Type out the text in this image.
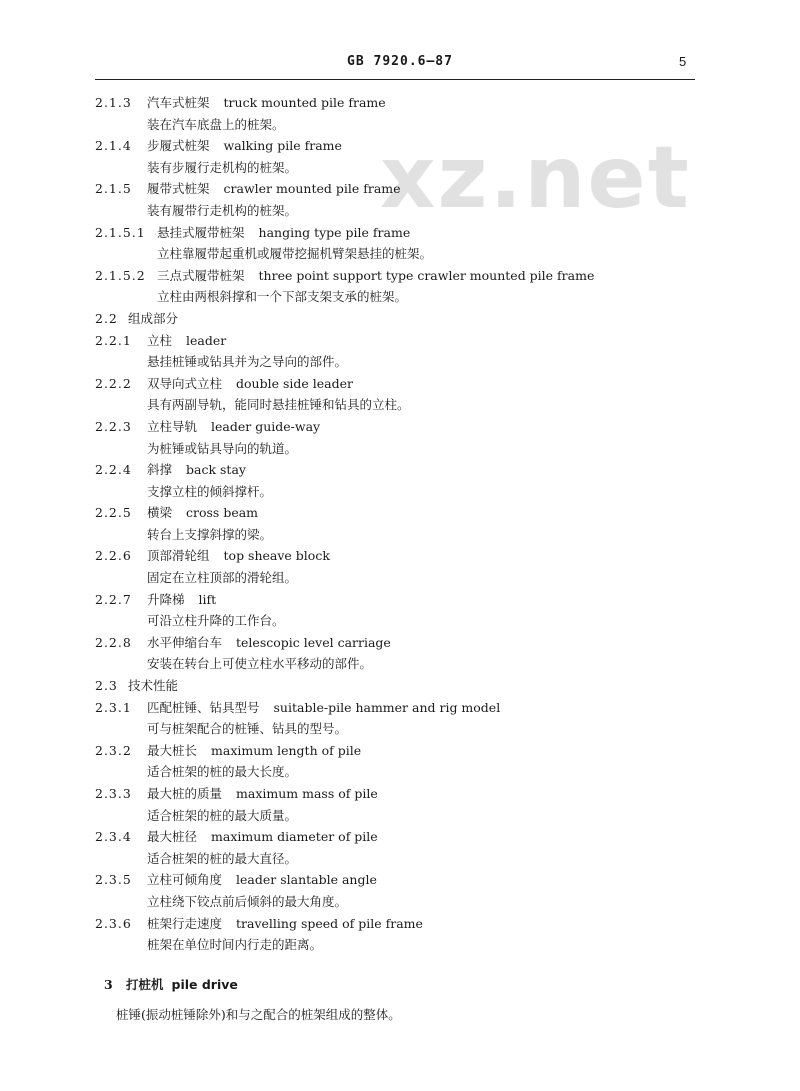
GB 7920.6—87	5
xz.net
2.1.3	汽车式桩架 truck mounted pile frame
装在汽车底盘上的桩架。
2.1.4	步履式桩架 walking pile frame
装有步履行走机构的桩架。
2.1.5	履带式桩架 crawler mounted pile frame
装有履带行走机构的桩架。
2.1.5.1 悬挂式履带桩架 hanging type pile frame
立柱靠履带起重机或履带挖掘机臂架悬挂的桩架。
2.1.5.2 三点式履带桩架 three point support type crawler mounted pile frame
立柱由两根斜撑和一个下部支架支承的桩架。
2.2 组成部分
2.2.1	立柱 leader
悬挂桩锤或钻具并为之导向的部件。
2.2.2	双导向式立柱 double side leader
具有两副导轨，能同时悬挂桩锤和钻具的立柱。
2.2.3	立柱导轨 leader guide-way
为桩锤或钻具导向的轨道。
2.2.4	斜撑 back stay
支撑立柱的倾斜撑杆。
2.2.5	横梁 cross beam
转台上支撑斜撑的梁。
2.2.6	顶部滑轮组 top sheave block
固定在立柱顶部的滑轮组。
2.2.7	升降梯 lift
可沿立柱升降的工作台。
2.2.8	水平伸缩台车 telescopic level carriage
安装在转台上可使立柱水平移动的部件。
2.3 技术性能
2.3.1	匹配桩锤、钻具型号 suitable-pile hammer and rig model
可与桩架配合的桩锤、钻具的型号。
2.3.2	最大桩长 maximum length of pile
适合桩架的桩的最大长度。
2.3.3	最大桩的质量 maximum mass of pile
适合桩架的桩的最大质量。
2.3.4	最大桩径 maximum diameter of pile
适合桩架的桩的最大直径。
2.3.5	立柱可倾角度 leader slantable angle
立柱绕下铰点前后倾斜的最大角度。
2.3.6	桩架行走速度 travelling speed of pile frame
桩架在单位时间内行走的距离。
3 打桩机 pile drive
桩锤(振动桩锤除外)和与之配合的桩架组成的整体。
